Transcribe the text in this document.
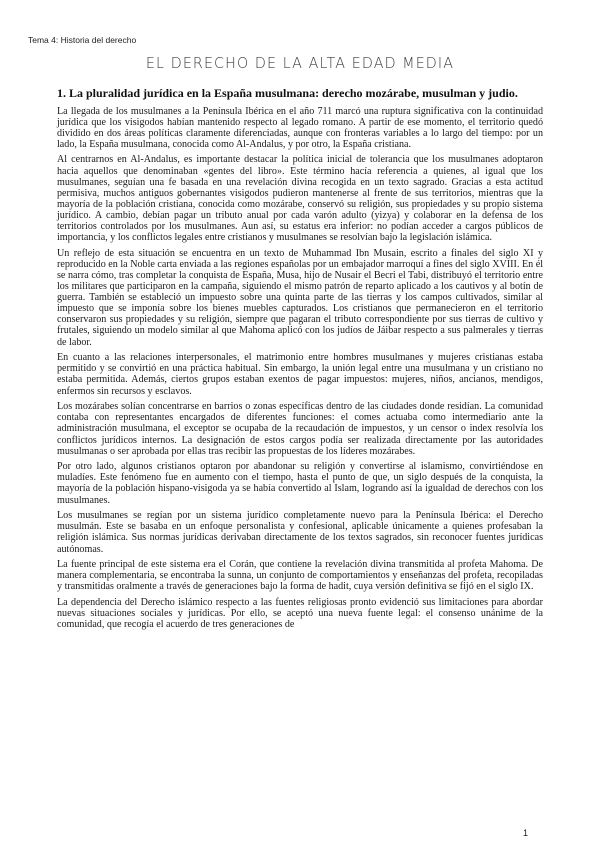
Tema 4: Historia del derecho
EL DERECHO DE LA ALTA EDAD MEDIA
1. La pluralidad jurídica en la España musulmana: derecho mozárabe, musulman y judio.

La llegada de los musulmanes a la Península Ibérica en el año 711 marcó una ruptura significativa con la continuidad jurídica que los visigodos habían mantenido respecto al legado romano. A partir de ese momento, el territorio quedó dividido en dos áreas políticas claramente diferenciadas, aunque con fronteras variables a lo largo del tiempo: por un lado, la España musulmana, conocida como Al-Andalus, y por otro, la España cristiana.

Al centrarnos en Al-Andalus, es importante destacar la política inicial de tolerancia que los musulmanes adoptaron hacia aquellos que denominaban «gentes del libro». Este término hacía referencia a quienes, al igual que los musulmanes, seguían una fe basada en una revelación divina recogida en un texto sagrado. Gracias a esta actitud permisiva, muchos antiguos gobernantes visigodos pudieron mantenerse al frente de sus territorios, mientras que la mayoría de la población cristiana, conocida como mozárabe, conservó su religión, sus propiedades y su propio sistema jurídico. A cambio, debían pagar un tributo anual por cada varón adulto (yizya) y colaborar en la defensa de los territorios controlados por los musulmanes. Aun así, su estatus era inferior: no podían acceder a cargos públicos de importancia, y los conflictos legales entre cristianos y musulmanes se resolvían bajo la legislación islámica.

Un reflejo de esta situación se encuentra en un texto de Muhammad Ibn Musain, escrito a finales del siglo XI y reproducido en la Noble carta enviada a las regiones españolas por un embajador marroquí a fines del siglo XVIII. En él se narra cómo, tras completar la conquista de España, Musa, hijo de Nusair el Becri el Tabi, distribuyó el territorio entre los militares que participaron en la campaña, siguiendo el mismo patrón de reparto aplicado a los cautivos y al botín de guerra. También se estableció un impuesto sobre una quinta parte de las tierras y los campos cultivados, similar al impuesto que se imponía sobre los bienes muebles capturados. Los cristianos que permanecieron en el territorio conservaron sus propiedades y su religión, siempre que pagaran el tributo correspondiente por sus tierras de cultivo y frutales, siguiendo un modelo similar al que Mahoma aplicó con los judíos de Jáibar respecto a sus palmerales y tierras de labor.

En cuanto a las relaciones interpersonales, el matrimonio entre hombres musulmanes y mujeres cristianas estaba permitido y se convirtió en una práctica habitual. Sin embargo, la unión legal entre una musulmana y un cristiano no estaba permitida. Además, ciertos grupos estaban exentos de pagar impuestos: mujeres, niños, ancianos, mendigos, enfermos sin recursos y esclavos.

Los mozárabes solían concentrarse en barrios o zonas específicas dentro de las ciudades donde residían. La comunidad contaba con representantes encargados de diferentes funciones: el comes actuaba como intermediario ante la administración musulmana, el exceptor se ocupaba de la recaudación de impuestos, y un censor o index resolvía los conflictos jurídicos internos. La designación de estos cargos podía ser realizada directamente por las autoridades musulmanas o ser aprobada por ellas tras recibir las propuestas de los líderes mozárabes.

Por otro lado, algunos cristianos optaron por abandonar su religión y convertirse al islamismo, convirtiéndose en muladíes. Este fenómeno fue en aumento con el tiempo, hasta el punto de que, un siglo después de la conquista, la mayoría de la población hispano-visigoda ya se había convertido al Islam, logrando así la igualdad de derechos con los musulmanes.

Los musulmanes se regían por un sistema jurídico completamente nuevo para la Península Ibérica: el Derecho musulmán. Este se basaba en un enfoque personalista y confesional, aplicable únicamente a quienes profesaban la religión islámica. Sus normas jurídicas derivaban directamente de los textos sagrados, sin reconocer fuentes jurídicas autónomas.

La fuente principal de este sistema era el Corán, que contiene la revelación divina transmitida al profeta Mahoma. De manera complementaria, se encontraba la sunna, un conjunto de comportamientos y enseñanzas del profeta, recopiladas y transmitidas oralmente a través de generaciones bajo la forma de hadit, cuya versión definitiva se fijó en el siglo IX.

La dependencia del Derecho islámico respecto a las fuentes religiosas pronto evidenció sus limitaciones para abordar nuevas situaciones sociales y jurídicas. Por ello, se aceptó una nueva fuente legal: el consenso unánime de la comunidad, que recogía el acuerdo de tres generaciones de

1
